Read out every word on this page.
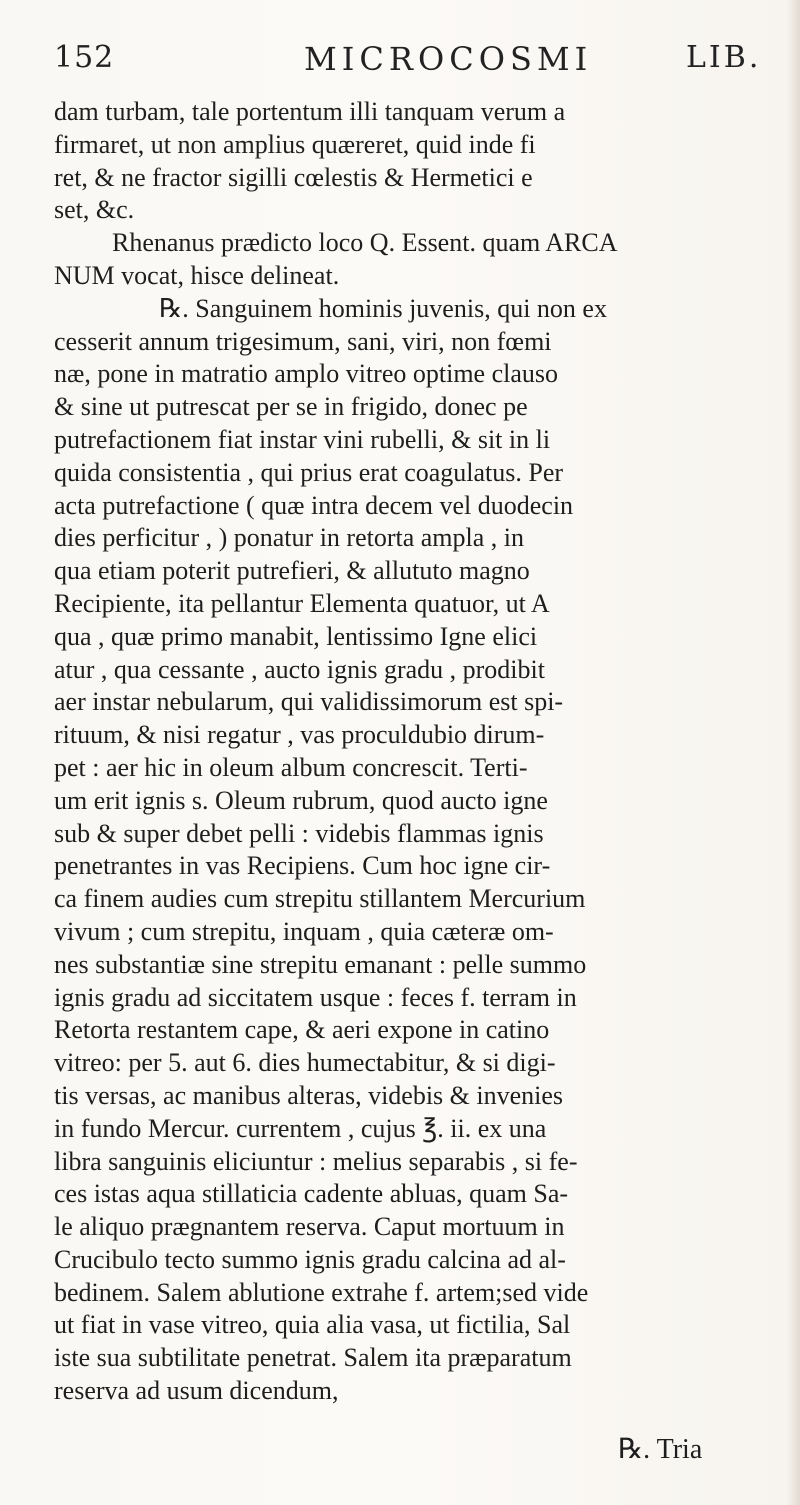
152	MICROCOSMI	LIB.
dam turbam, tale portentum illi tanquam verum a
firmaret, ut non amplius quæreret, quid inde fi
ret, & ne fractor sigilli cœlestis & Hermetici e
set, &c.
Rhenanus prædicto loco Q. Essent. quam ARCA
NUM vocat, hisce delineat.
℞. Sanguinem hominis juvenis, qui non ex
cesserit annum trigesimum, sani, viri, non fœmi
næ, pone in matratio amplo vitreo optime clauso
& sine ut putrescat per se in frigido, donec pe
putrefactionem fiat instar vini rubelli, & sit in li
quida consistentia , qui prius erat coagulatus. Per
acta putrefactione ( quæ intra decem vel duodecin
dies perficitur , ) ponatur in retorta ampla , in
qua etiam poterit putrefieri, & allututo magno
Recipiente, ita pellantur Elementa quatuor, ut A
qua , quæ primo manabit, lentissimo Igne elici
atur , qua cessante , aucto ignis gradu , prodibit
aer instar nebularum, qui validissimorum est spi-
rituum, & nisi regatur , vas proculdubio dirum-
pet : aer hic in oleum album concrescit. Terti-
um erit ignis s. Oleum rubrum, quod aucto igne
sub & super debet pelli : videbis flammas ignis
penetrantes in vas Recipiens. Cum hoc igne cir-
ca finem audies cum strepitu stillantem Mercurium
vivum ; cum strepitu, inquam , quia cæteræ om-
nes substantiæ sine strepitu emanant : pelle summo
ignis gradu ad siccitatem usque : feces f. terram in
Retorta restantem cape, & aeri expone in catino
vitreo: per 5. aut 6. dies humectabitur, & si digi-
tis versas, ac manibus alteras, videbis & invenies
in fundo Mercur. currentem , cujus ℥. ii. ex una
libra sanguinis eliciuntur : melius separabis , si fe-
ces istas aqua stillaticia cadente abluas, quam Sa-
le aliquo prægnantem reserva. Caput mortuum in
Crucibulo tecto summo ignis gradu calcina ad al-
bedinem. Salem ablutione extrahe f. artem;sed vide
ut fiat in vase vitreo, quia alia vasa, ut fictilia, Sal
iste sua subtilitate penetrat. Salem ita præparatum
reserva ad usum dicendum,
℞. Tria
